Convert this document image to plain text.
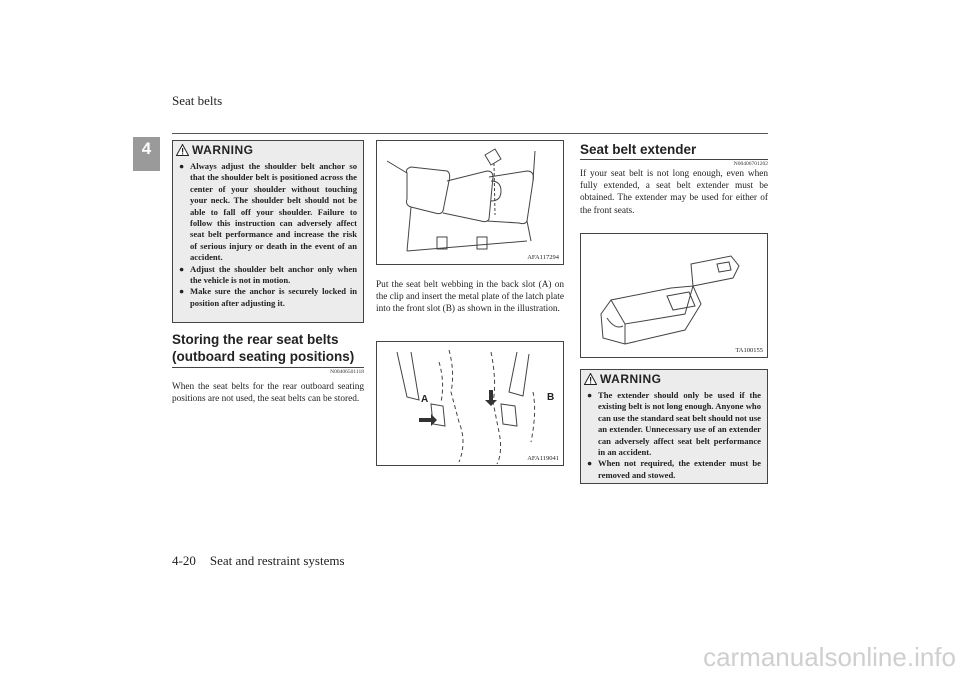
Seat belts
4	WARNING
● Always adjust the shoulder belt anchor so that the shoulder belt is positioned across the center of your shoulder without touching your neck. The shoulder belt should not be able to fall off your shoulder. Failure to follow this instruction can adversely affect seat belt performance and increase the risk of serious injury or death in the event of an accident.
● Adjust the shoulder belt anchor only when the vehicle is not in motion.
● Make sure the anchor is securely locked in position after adjusting it.
Storing the rear seat belts (outboard seating positions)
N00406501118
When the seat belts for the rear outboard seating positions are not used, the seat belts can be stored.
AFA117294
Put the seat belt webbing in the back slot (A) on the clip and insert the metal plate of the latch plate into the front slot (B) as shown in the illustration.
A	B
AFA119041
Seat belt extender
N00406701202
If your seat belt is not long enough, even when fully extended, a seat belt extender must be obtained. The extender may be used for either of the front seats.
TA100155
WARNING
● The extender should only be used if the existing belt is not long enough. Anyone who can use the standard seat belt should not use an extender. Unnecessary use of an extender can adversely affect seat belt performance in an accident.
● When not required, the extender must be removed and stowed.
4-20 Seat and restraint systems
carmanualsonline.info
